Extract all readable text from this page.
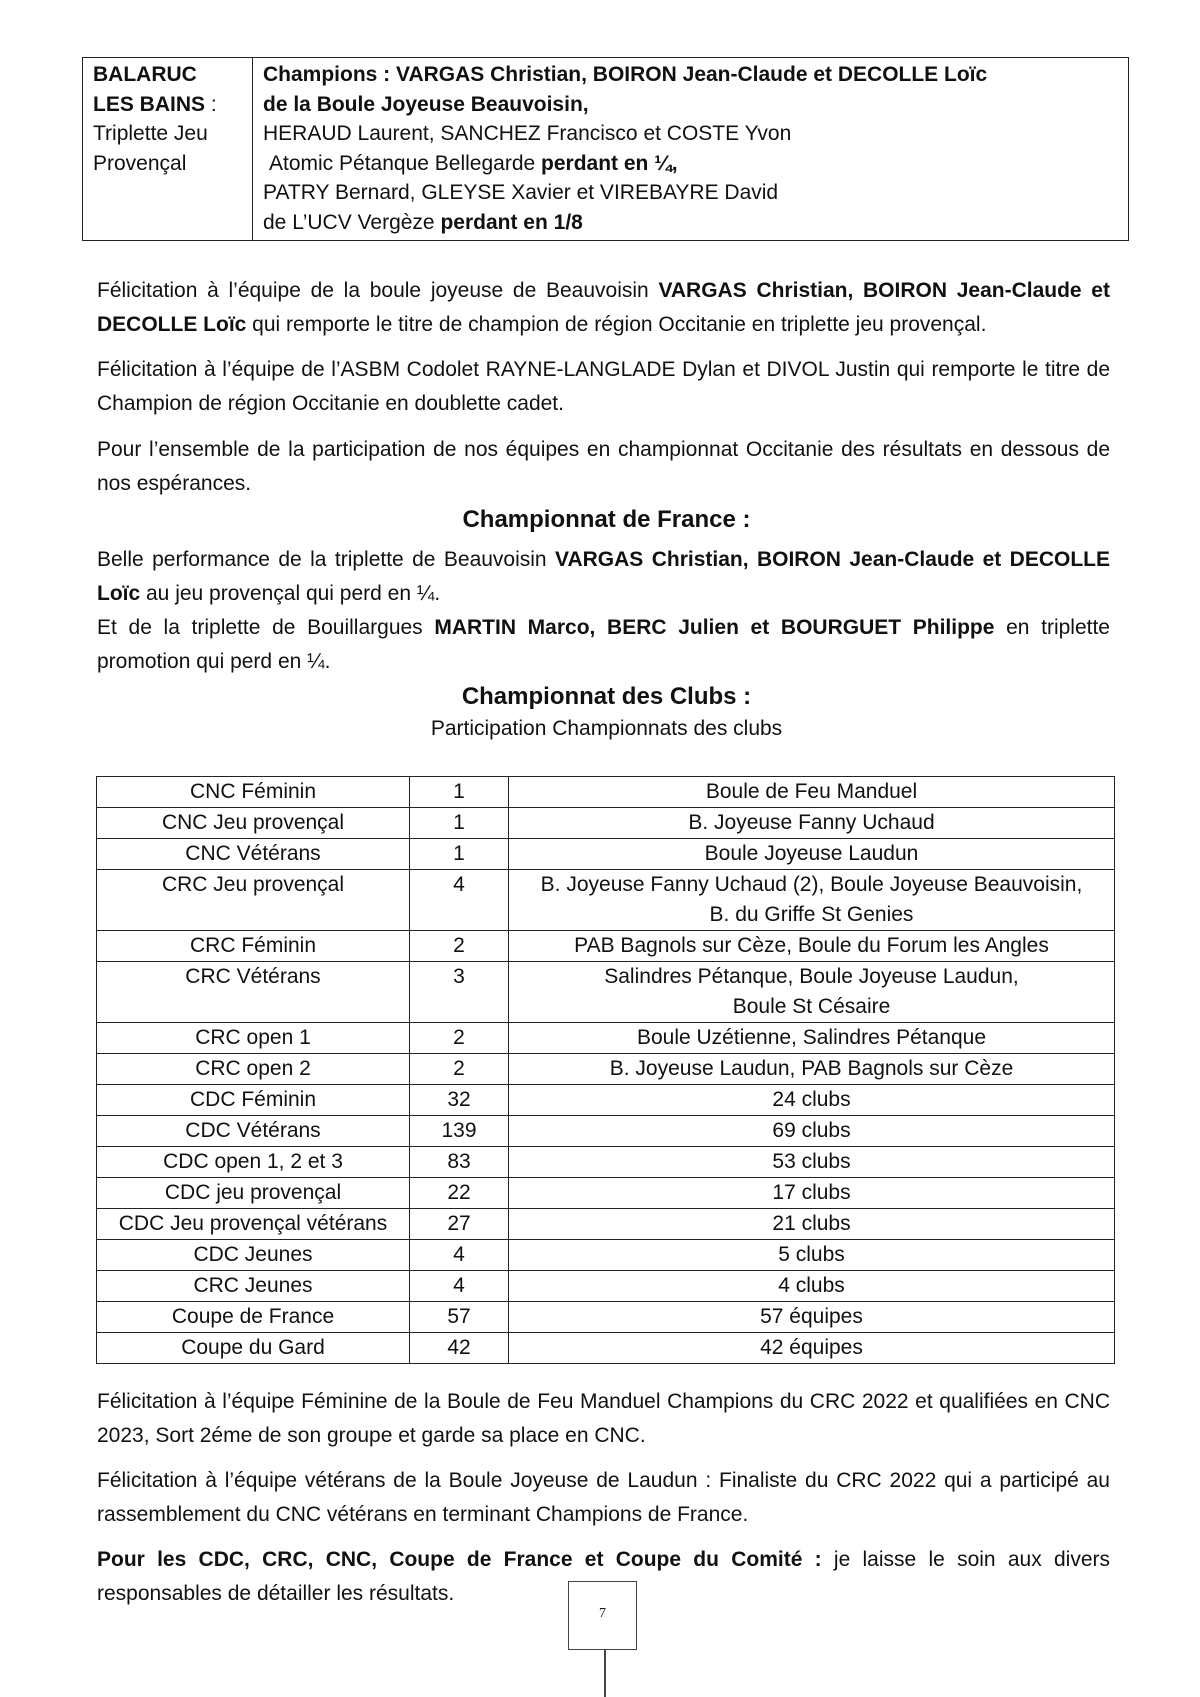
BALARUC LES BAINS :
Triplette Jeu Provençal	Champions : VARGAS Christian, BOIRON Jean-Claude et DECOLLE Loïc
de la Boule Joyeuse Beauvoisin,
HERAUD Laurent, SANCHEZ Francisco et COSTE Yvon
Atomic Pétanque Bellegarde perdant en ¼,
PATRY Bernard, GLEYSE Xavier et VIREBAYRE David
de L’UCV Vergèze perdant en 1/8

Félicitation à l’équipe de la boule joyeuse de Beauvoisin VARGAS Christian, BOIRON Jean-Claude et DECOLLE Loïc qui remporte le titre de champion de région Occitanie en triplette jeu provençal.

Félicitation à l’équipe de l’ASBM Codolet RAYNE-LANGLADE Dylan et DIVOL Justin qui remporte le titre de Champion de région Occitanie en doublette cadet.

Pour l’ensemble de la participation de nos équipes en championnat Occitanie des résultats en dessous de nos espérances.

Championnat de France :

Belle performance de la triplette de Beauvoisin VARGAS Christian, BOIRON Jean-Claude et DECOLLE Loïc au jeu provençal qui perd en ¼.

Et de la triplette de Bouillargues MARTIN Marco, BERC Julien et BOURGUET Philippe en triplette promotion qui perd en ¼.

Championnat des Clubs :

Participation Championnats des clubs

CNC Féminin	1	Boule de Feu Manduel
CNC Jeu provençal	1	B. Joyeuse Fanny Uchaud
CNC Vétérans	1	Boule Joyeuse Laudun
CRC Jeu provençal	4	B. Joyeuse Fanny Uchaud (2), Boule Joyeuse Beauvoisin,
B. du Griffe St Genies
CRC Féminin	2	PAB Bagnols sur Cèze, Boule du Forum les Angles
CRC Vétérans	3	Salindres Pétanque, Boule Joyeuse Laudun,
Boule St Césaire
CRC open 1	2	Boule Uzétienne, Salindres Pétanque
CRC open 2	2	B. Joyeuse Laudun, PAB Bagnols sur Cèze
CDC Féminin	32	24 clubs
CDC Vétérans	139	69 clubs
CDC open 1, 2 et 3	83	53 clubs
CDC jeu provençal	22	17 clubs
CDC Jeu provençal vétérans	27	21 clubs
CDC Jeunes	4	5 clubs
CRC Jeunes	4	4 clubs
Coupe de France	57	57 équipes
Coupe du Gard	42	42 équipes

Félicitation à l’équipe Féminine de la Boule de Feu Manduel Champions du CRC 2022 et qualifiées en CNC 2023, Sort 2éme de son groupe et garde sa place en CNC.

Félicitation à l’équipe vétérans de la Boule Joyeuse de Laudun : Finaliste du CRC 2022 qui a participé au rassemblement du CNC vétérans en terminant Champions de France.

Pour les CDC, CRC, CNC, Coupe de France et Coupe du Comité : je laisse le soin aux divers responsables de détailler les résultats.

7
